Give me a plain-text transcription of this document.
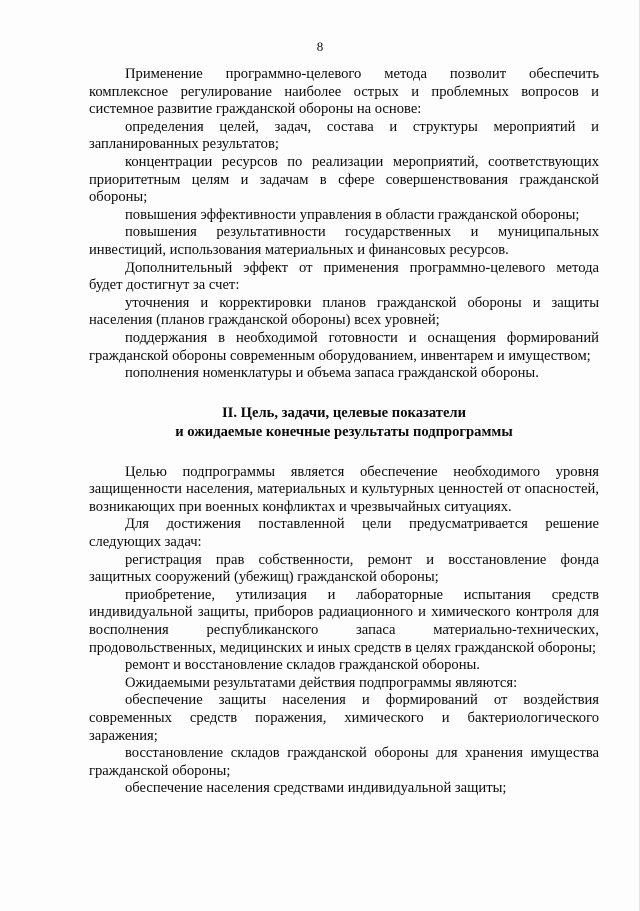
8

Применение программно-целевого метода позволит обеспечить комплексное регулирование наиболее острых и проблемных вопросов и системное развитие гражданской обороны на основе:

определения целей, задач, состава и структуры мероприятий и запланированных результатов;

концентрации ресурсов по реализации мероприятий, соответствующих приоритетным целям и задачам в сфере совершенствования гражданской обороны;

повышения эффективности управления в области гражданской обороны;

повышения результативности государственных и муниципальных инвестиций, использования материальных и финансовых ресурсов.

Дополнительный эффект от применения программно-целевого метода будет достигнут за счет:

уточнения и корректировки планов гражданской обороны и защиты населения (планов гражданской обороны) всех уровней;

поддержания в необходимой готовности и оснащения формирований гражданской обороны современным оборудованием, инвентарем и имуществом;

пополнения номенклатуры и объема запаса гражданской обороны.

II. Цель, задачи, целевые показатели
и ожидаемые конечные результаты подпрограммы

Целью подпрограммы является обеспечение необходимого уровня защищенности населения, материальных и культурных ценностей от опасностей, возникающих при военных конфликтах и чрезвычайных ситуациях.

Для достижения поставленной цели предусматривается решение следующих задач:

регистрация прав собственности, ремонт и восстановление фонда защитных сооружений (убежищ) гражданской обороны;

приобретение, утилизация и лабораторные испытания средств индивидуальной защиты, приборов радиационного и химического контроля для восполнения республиканского запаса материально-технических, продовольственных, медицинских и иных средств в целях гражданской обороны;

ремонт и восстановление складов гражданской обороны.

Ожидаемыми результатами действия подпрограммы являются:

обеспечение защиты населения и формирований от воздействия современных средств поражения, химического и бактериологического заражения;

восстановление складов гражданской обороны для хранения имущества гражданской обороны;

обеспечение населения средствами индивидуальной защиты;
